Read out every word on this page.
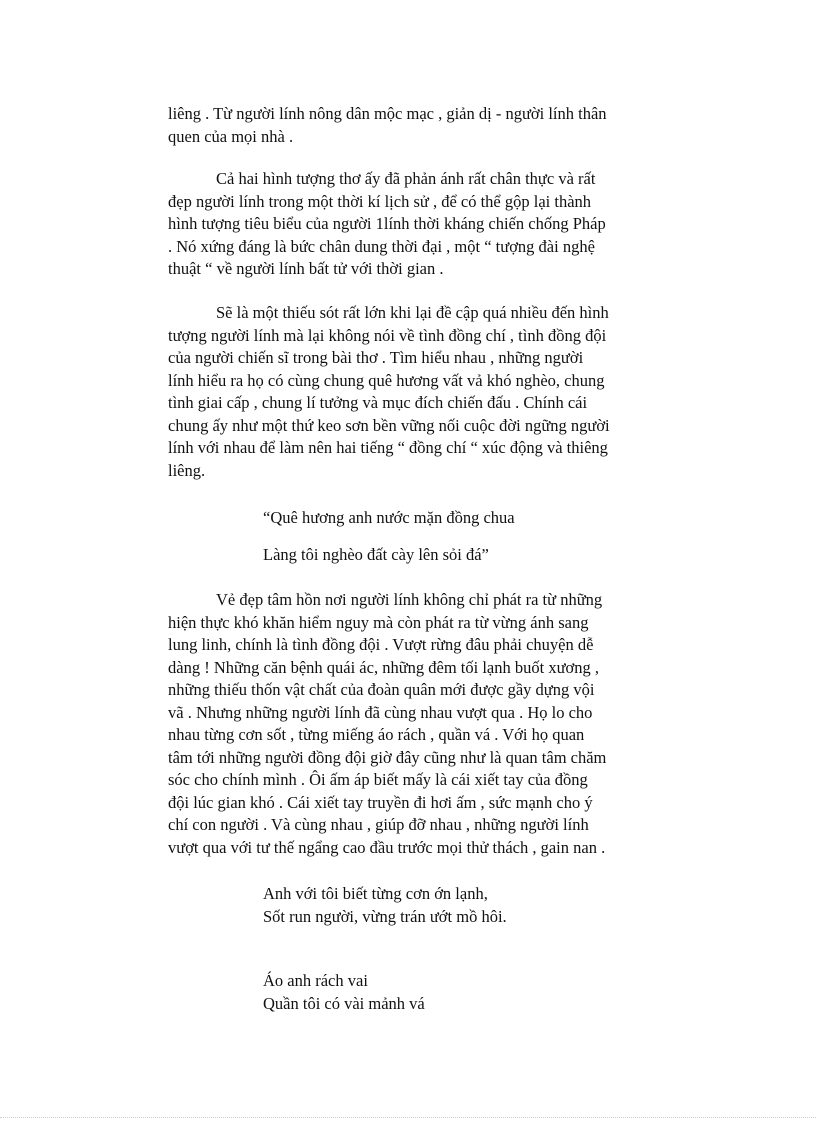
liêng . Từ người lính nông dân mộc mạc , giản dị - người lính thân
quen của mọi nhà .

Cả hai hình tượng thơ ấy đã phản ánh rất chân thực và rất
đẹp người lính trong một thời kí lịch sử , để có thể gộp lại thành
hình tượng tiêu biểu của người 1lính thời kháng chiến chống Pháp
. Nó xứng đáng là bức chân dung thời đại , một “ tượng đài nghệ
thuật “ về người lính bất tử với thời gian .

Sẽ là một thiếu sót rất lớn khi lại đề cập quá nhiều đến hình
tượng người lính mà lại không nói về tình đồng chí , tình đồng đội
của người chiến sĩ trong bài thơ . Tìm hiểu nhau , những người
lính hiểu ra họ có cùng chung quê hương vất vả khó nghèo, chung
tình giai cấp , chung lí tưởng và mục đích chiến đấu . Chính cái
chung ấy như một thứ keo sơn bền vững nối cuộc đời ngững người
lính với nhau để làm nên hai tiếng “ đồng chí “ xúc động và thiêng
liêng.

“Quê hương anh nước mặn đồng chua

Làng tôi nghèo đất cày lên sỏi đá”

Vẻ đẹp tâm hồn nơi người lính không chỉ phát ra từ những
hiện thực khó khăn hiểm nguy mà còn phát ra từ vừng ánh sang
lung linh, chính là tình đồng đội . Vượt rừng đâu phải chuyện dễ
dàng ! Những căn bệnh quái ác, những đêm tối lạnh buốt xương ,
những thiếu thốn vật chất của đoàn quân mới được gầy dựng vội
vã . Nhưng những người lính đã cùng nhau vượt qua . Họ lo cho
nhau từng cơn sốt , từng miếng áo rách , quần vá . Với họ quan
tâm tới những người đồng đội giờ đây cũng như là quan tâm chăm
sóc cho chính mình . Ôi ấm áp biết mấy là cái xiết tay của đồng
đội lúc gian khó . Cái xiết tay truyền đi hơi ấm , sức mạnh cho ý
chí con người . Và cùng nhau , giúp đỡ nhau , những người lính
vượt qua với tư thế ngẩng cao đầu trước mọi thử thách , gain nan .

Anh với tôi biết từng cơn ớn lạnh,
Sốt run người, vừng trán ướt mồ hôi.

Áo anh rách vai
Quần tôi có vài mảnh vá
